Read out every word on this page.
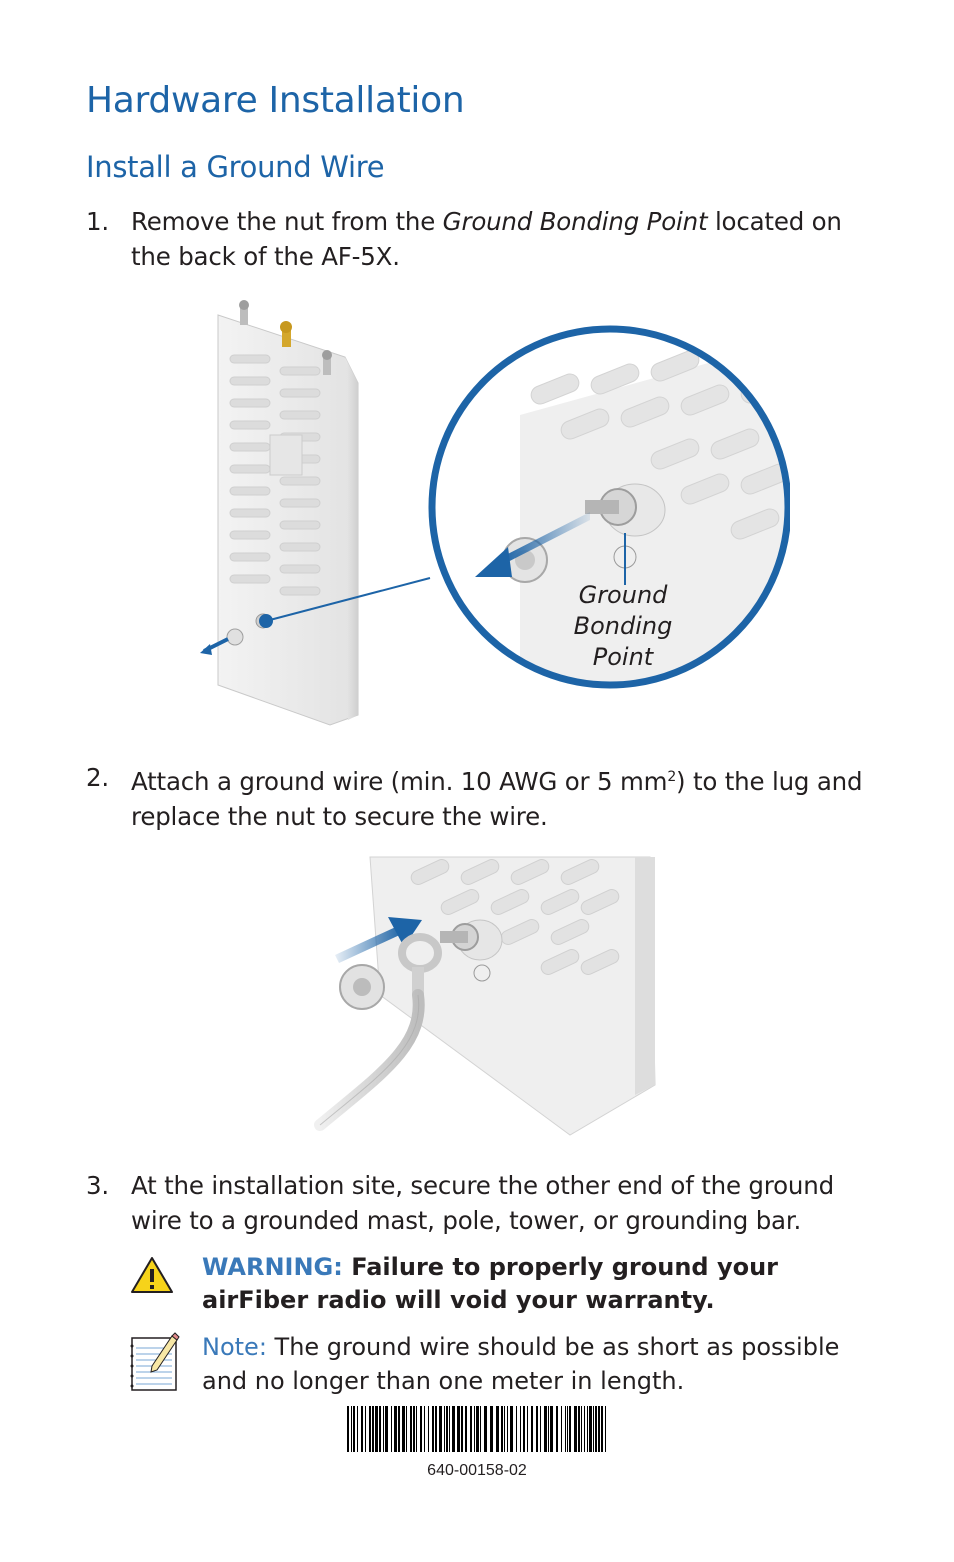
Hardware Installation
Install a Ground Wire
1. Remove the nut from the Ground Bonding Point located on the back of the AF-5X.
Ground
Bonding
Point
2. Attach a ground wire (min. 10 AWG or 5 $mm^2$) to the lug and replace the nut to secure the wire.
3. At the installation site, secure the other end of the ground wire to a grounded mast, pole, tower, or grounding bar.
WARNING: Failure to properly ground your airFiber radio will void your warranty.
Note: The ground wire should be as short as possible and no longer than one meter in length.
640-00158-02
